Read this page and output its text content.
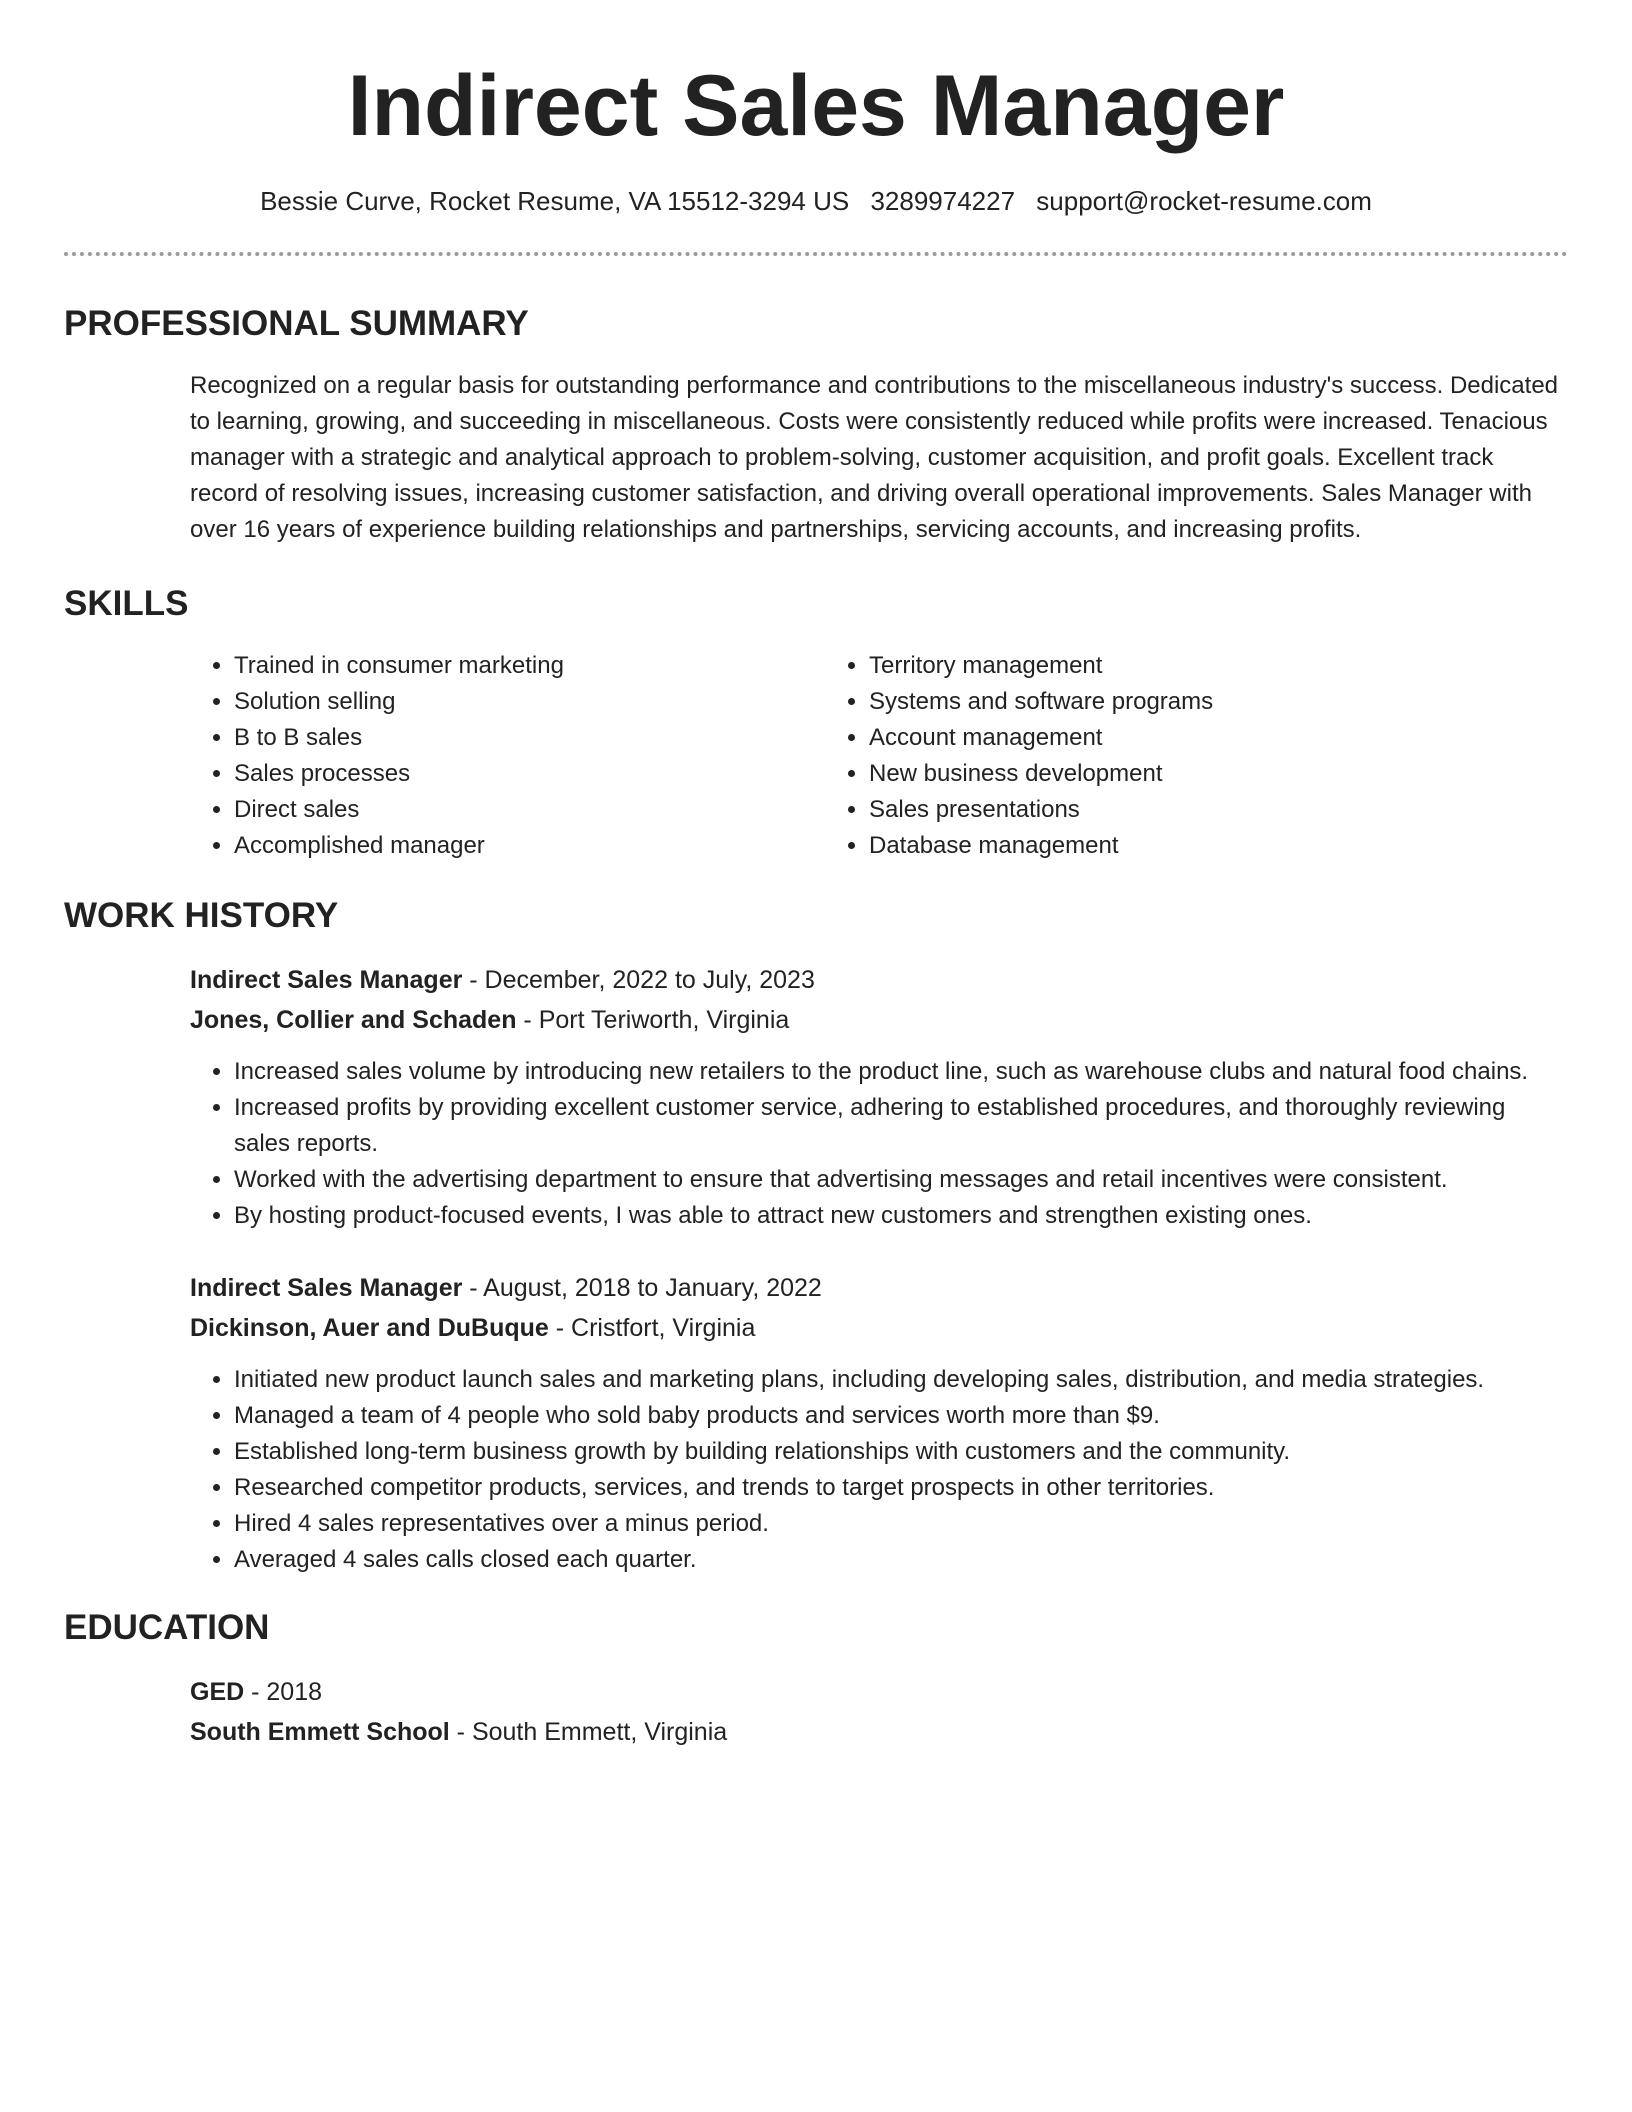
Indirect Sales Manager
Bessie Curve, Rocket Resume, VA 15512-3294 US 3289974227 support@rocket-resume.com
PROFESSIONAL SUMMARY
Recognized on a regular basis for outstanding performance and contributions to the miscellaneous industry's success. Dedicated to learning, growing, and succeeding in miscellaneous. Costs were consistently reduced while profits were increased. Tenacious manager with a strategic and analytical approach to problem-solving, customer acquisition, and profit goals. Excellent track record of resolving issues, increasing customer satisfaction, and driving overall operational improvements. Sales Manager with over 16 years of experience building relationships and partnerships, servicing accounts, and increasing profits.
SKILLS
• Trained in consumer marketing
• Solution selling
• B to B sales
• Sales processes
• Direct sales
• Accomplished manager
• Territory management
• Systems and software programs
• Account management
• New business development
• Sales presentations
• Database management
WORK HISTORY
Indirect Sales Manager - December, 2022 to July, 2023
Jones, Collier and Schaden - Port Teriworth, Virginia
• Increased sales volume by introducing new retailers to the product line, such as warehouse clubs and natural food chains.
• Increased profits by providing excellent customer service, adhering to established procedures, and thoroughly reviewing sales reports.
• Worked with the advertising department to ensure that advertising messages and retail incentives were consistent.
• By hosting product-focused events, I was able to attract new customers and strengthen existing ones.
Indirect Sales Manager - August, 2018 to January, 2022
Dickinson, Auer and DuBuque - Cristfort, Virginia
• Initiated new product launch sales and marketing plans, including developing sales, distribution, and media strategies.
• Managed a team of 4 people who sold baby products and services worth more than $9.
• Established long-term business growth by building relationships with customers and the community.
• Researched competitor products, services, and trends to target prospects in other territories.
• Hired 4 sales representatives over a minus period.
• Averaged 4 sales calls closed each quarter.
EDUCATION
GED - 2018
South Emmett School - South Emmett, Virginia
